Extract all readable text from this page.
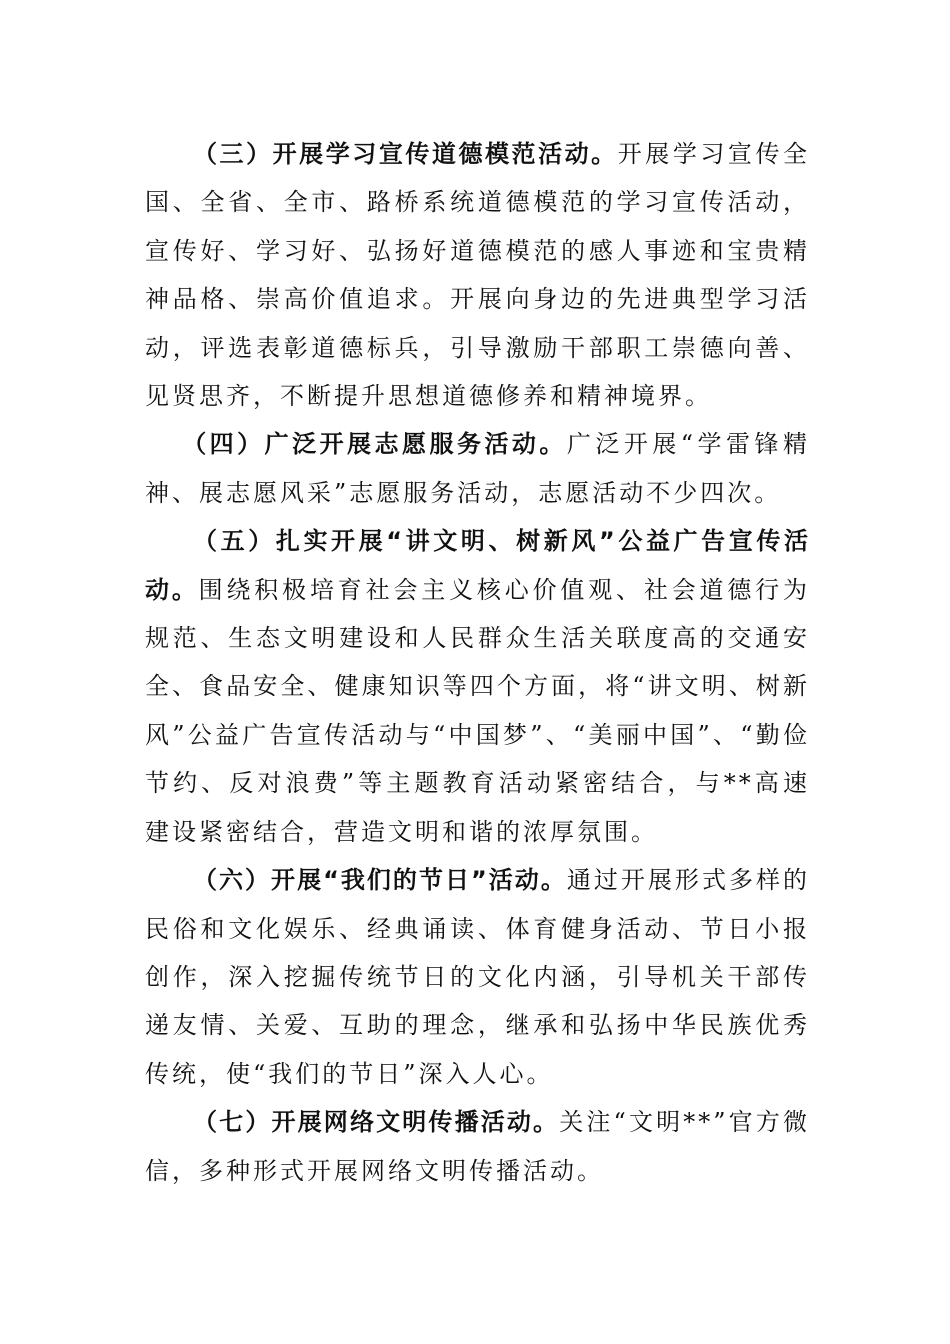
（三）开展学习宣传道德模范活动。开展学习宣传全国、全省、全市、路桥系统道德模范的学习宣传活动，宣传好、学习好、弘扬好道德模范的感人事迹和宝贵精神品格、崇高价值追求。开展向身边的先进典型学习活动，评选表彰道德标兵，引导激励干部职工崇德向善、见贤思齐，不断提升思想道德修养和精神境界。

（四）广泛开展志愿服务活动。广泛开展“学雷锋精神、展志愿风采”志愿服务活动，志愿活动不少四次。

（五）扎实开展“讲文明、树新风”公益广告宣传活动。围绕积极培育社会主义核心价值观、社会道德行为规范、生态文明建设和人民群众生活关联度高的交通安全、食品安全、健康知识等四个方面，将“讲文明、树新风”公益广告宣传活动与“中国梦”、“美丽中国”、“勤俭节约、反对浪费”等主题教育活动紧密结合，与**高速建设紧密结合，营造文明和谐的浓厚氛围。

（六）开展“我们的节日”活动。通过开展形式多样的民俗和文化娱乐、经典诵读、体育健身活动、节日小报创作，深入挖掘传统节日的文化内涵，引导机关干部传递友情、关爱、互助的理念，继承和弘扬中华民族优秀传统，使“我们的节日”深入人心。

（七）开展网络文明传播活动。关注“文明**”官方微信，多种形式开展网络文明传播活动。
